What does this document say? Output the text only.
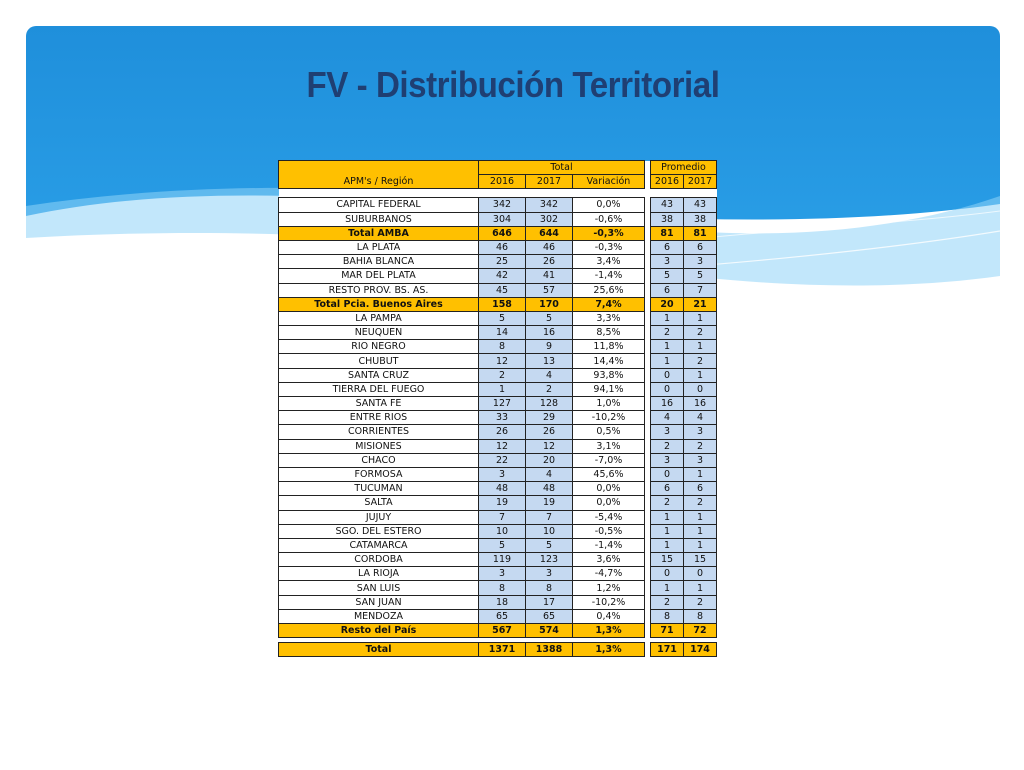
FV - Distribución Territorial
	Total				Promedio	
APM's / Región	2016	2017	Variación		2016	2017

CAPITAL FEDERAL	342	342	0,0%		43	43
SUBURBANOS	304	302	-0,6%		38	38
Total AMBA	646	644	-0,3%		81	81
LA PLATA	46	46	-0,3%		6	6
BAHIA BLANCA	25	26	3,4%		3	3
MAR DEL PLATA	42	41	-1,4%		5	5
RESTO PROV. BS. AS.	45	57	25,6%		6	7
Total Pcia. Buenos Aires	158	170	7,4%		20	21
LA PAMPA	5	5	3,3%		1	1
NEUQUEN	14	16	8,5%		2	2
RIO NEGRO	8	9	11,8%		1	1
CHUBUT	12	13	14,4%		1	2
SANTA CRUZ	2	4	93,8%		0	1
TIERRA DEL FUEGO	1	2	94,1%		0	0
SANTA FE	127	128	1,0%		16	16
ENTRE RIOS	33	29	-10,2%		4	4
CORRIENTES	26	26	0,5%		3	3
MISIONES	12	12	3,1%		2	2
CHACO	22	20	-7,0%		3	3
FORMOSA	3	4	45,6%		0	1
TUCUMAN	48	48	0,0%		6	6
SALTA	19	19	0,0%		2	2
JUJUY	7	7	-5,4%		1	1
SGO. DEL ESTERO	10	10	-0,5%		1	1
CATAMARCA	5	5	-1,4%		1	1
CORDOBA	119	123	3,6%		15	15
LA RIOJA	3	3	-4,7%		0	0
SAN LUIS	8	8	1,2%		1	1
SAN JUAN	18	17	-10,2%		2	2
MENDOZA	65	65	0,4%		8	8
Resto del País	567	574	1,3%		71	72

Total	1371	1388	1,3%		171	174
